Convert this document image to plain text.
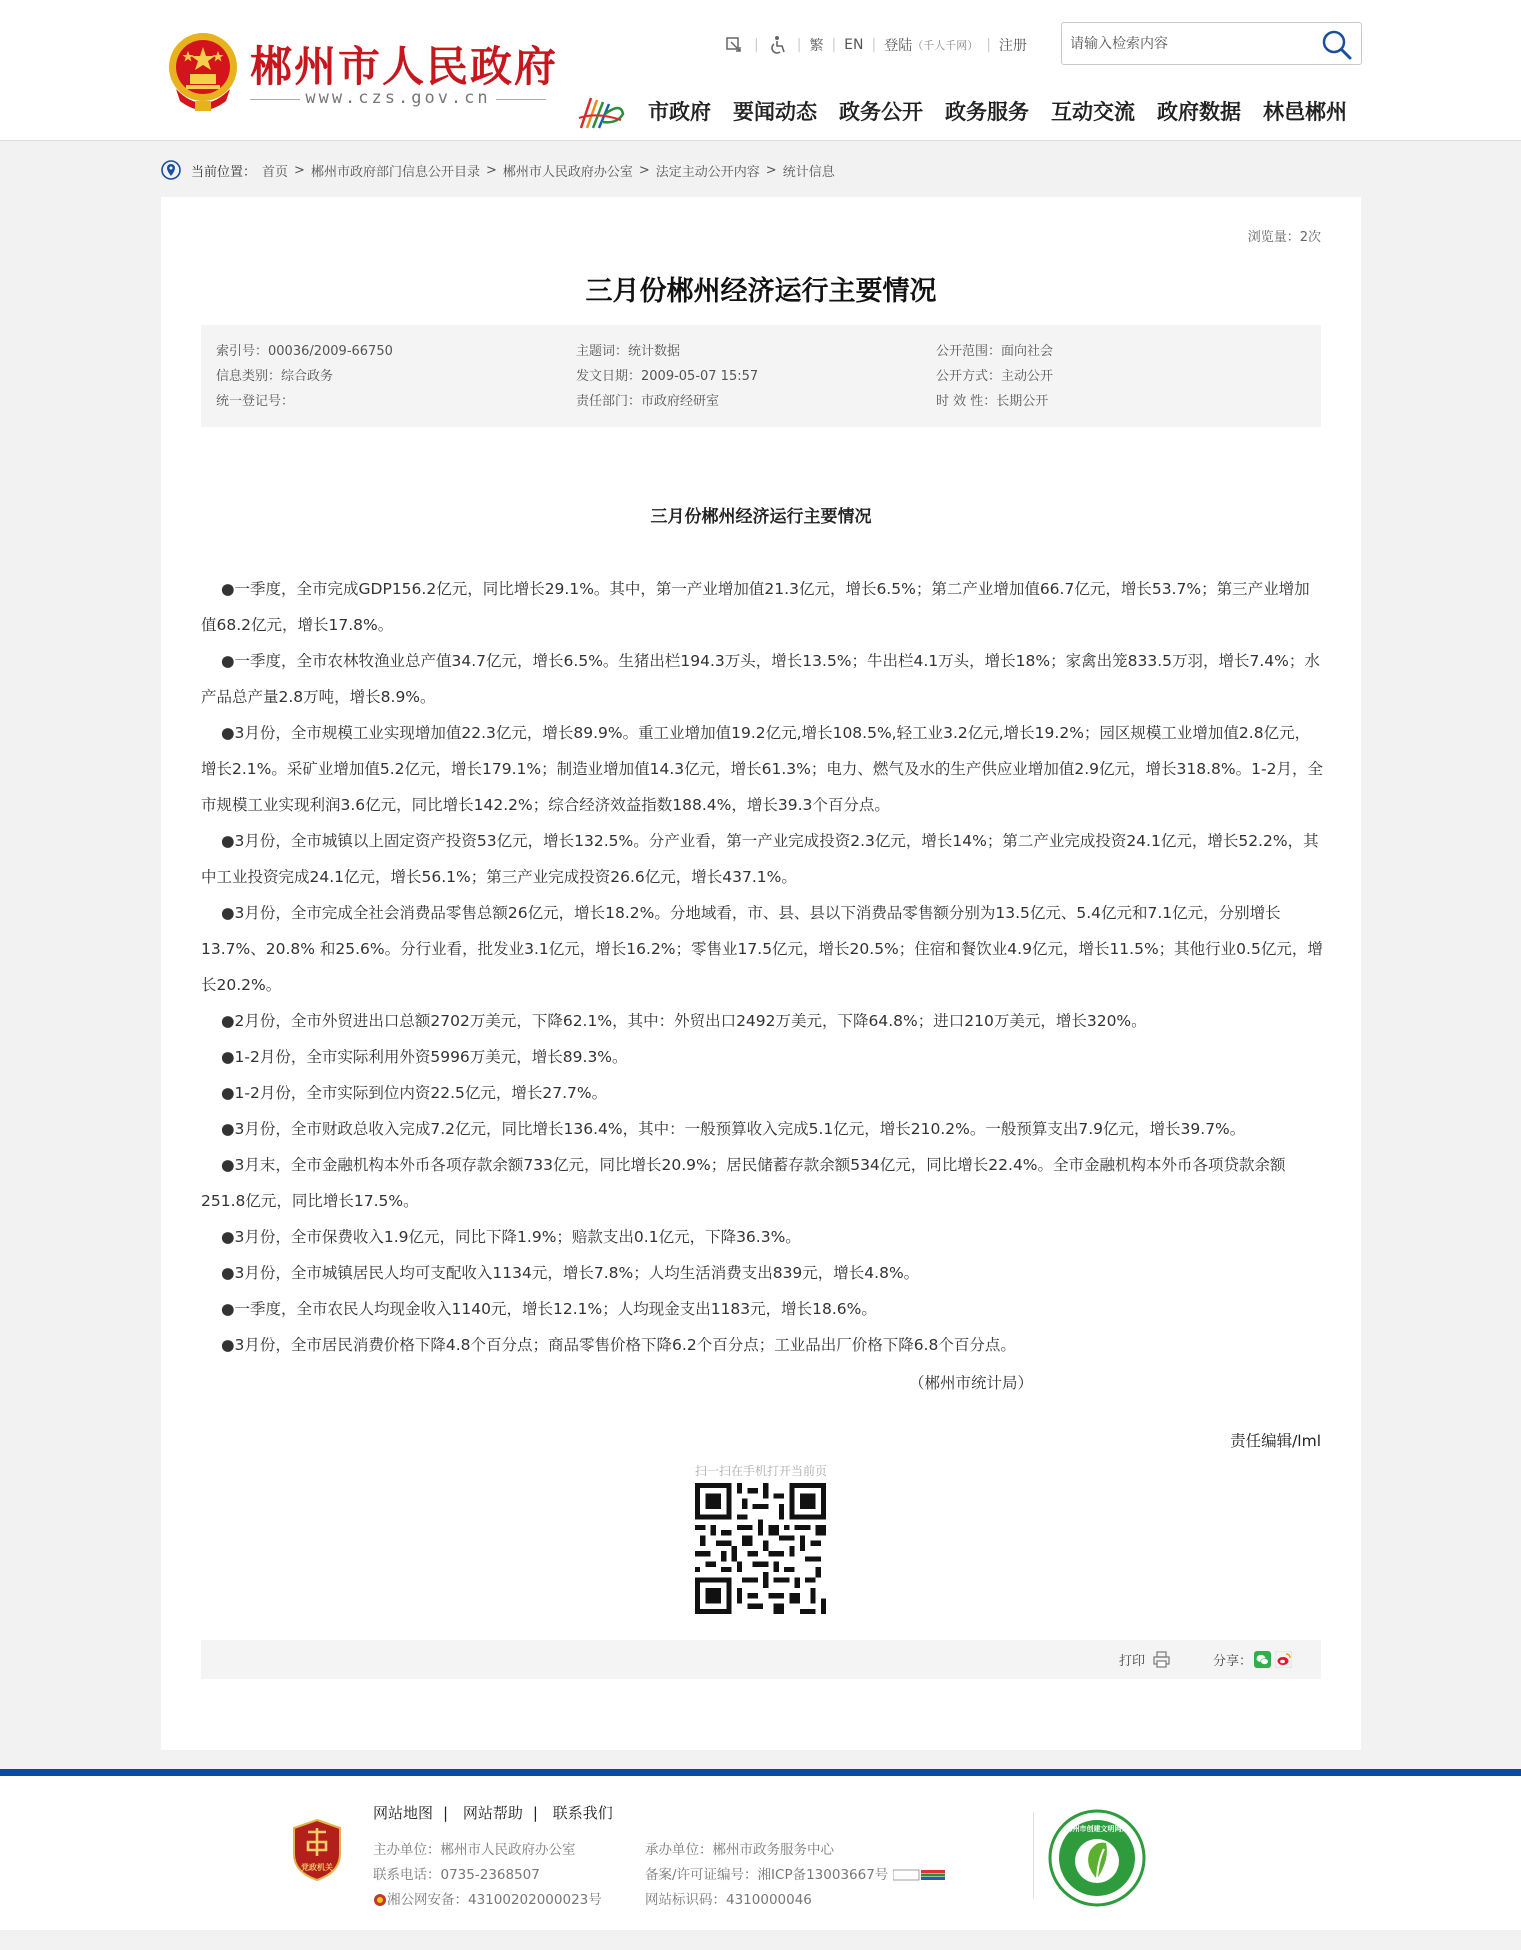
郴州市人民政府
www.czs.gov.cn
|	| 繁 | EN | 登陆 （千人千网） | 注册
请输入检索内容
市政府 要闻动态 政务公开 政务服务 互动交流 政府数据 林邑郴州
当前位置： 首页 > 郴州市政府部门信息公开目录 > 郴州市人民政府办公室 > 法定主动公开内容 > 统计信息
浏览量：2次
三月份郴州经济运行主要情况
索引号：00036/2009-66750
信息类别：综合政务
统一登记号：
主题词：统计数据
发文日期：2009-05-07 15:57
责任部门：市政府经研室
公开范围：面向社会
公开方式：主动公开
时 效 性：长期公开
三月份郴州经济运行主要情况

●一季度，全市完成GDP156.2亿元，同比增长29.1%。其中，第一产业增加值21.3亿元，增长6.5%；第二产业增加值66.7亿元，增长53.7%；第三产业增加值68.2亿元，增长17.8%。

●一季度，全市农林牧渔业总产值34.7亿元，增长6.5%。生猪出栏194.3万头，增长13.5%；牛出栏4.1万头，增长18%；家禽出笼833.5万羽，增长7.4%；水产品总产量2.8万吨，增长8.9%。

●3月份，全市规模工业实现增加值22.3亿元，增长89.9%。重工业增加值19.2亿元,增长108.5%,轻工业3.2亿元,增长19.2%；园区规模工业增加值2.8亿元，增长2.1%。采矿业增加值5.2亿元，增长179.1%；制造业增加值14.3亿元，增长61.3%；电力、燃气及水的生产供应业增加值2.9亿元，增长318.8%。1-2月，全市规模工业实现利润3.6亿元，同比增长142.2%；综合经济效益指数188.4%，增长39.3个百分点。

●3月份，全市城镇以上固定资产投资53亿元，增长132.5%。分产业看，第一产业完成投资2.3亿元，增长14%；第二产业完成投资24.1亿元，增长52.2%，其中工业投资完成24.1亿元，增长56.1%；第三产业完成投资26.6亿元，增长437.1%。

●3月份，全市完成全社会消费品零售总额26亿元，增长18.2%。分地域看，市、县、县以下消费品零售额分别为13.5亿元、5.4亿元和7.1亿元，分别增长13.7%、20.8% 和25.6%。分行业看，批发业3.1亿元，增长16.2%；零售业17.5亿元，增长20.5%；住宿和餐饮业4.9亿元，增长11.5%；其他行业0.5亿元，增长20.2%。

●2月份，全市外贸进出口总额2702万美元，下降62.1%，其中：外贸出口2492万美元，下降64.8%；进口210万美元，增长320%。

●1-2月份，全市实际利用外资5996万美元，增长89.3%。

●1-2月份，全市实际到位内资22.5亿元，增长27.7%。

●3月份，全市财政总收入完成7.2亿元，同比增长136.4%，其中：一般预算收入完成5.1亿元，增长210.2%。一般预算支出7.9亿元，增长39.7%。

●3月末，全市金融机构本外币各项存款余额733亿元，同比增长20.9%；居民储蓄存款余额534亿元，同比增长22.4%。全市金融机构本外币各项贷款余额251.8亿元，同比增长17.5%。

●3月份，全市保费收入1.9亿元，同比下降1.9%；赔款支出0.1亿元，下降36.3%。

●3月份，全市城镇居民人均可支配收入1134元，增长7.8%；人均生活消费支出839元，增长4.8%。

●一季度，全市农民人均现金收入1140元，增长12.1%；人均现金支出1183元，增长18.6%。

●3月份，全市居民消费价格下降4.8个百分点；商品零售价格下降6.2个百分点；工业品出厂价格下降6.8个百分点。

（郴州市统计局）
责任编辑/lml
扫一扫在手机打开当前页
打印	分享：
党政机关
网站地图 | 网站帮助 | 联系我们
主办单位：郴州市人民政府办公室
联系电话：0735-2368507
湘公网安备：43100202000023号
承办单位：郴州市政务服务中心
备案/许可证编号：湘ICP备13003667号
网站标识码：4310000046
郴州市创建文明网站
